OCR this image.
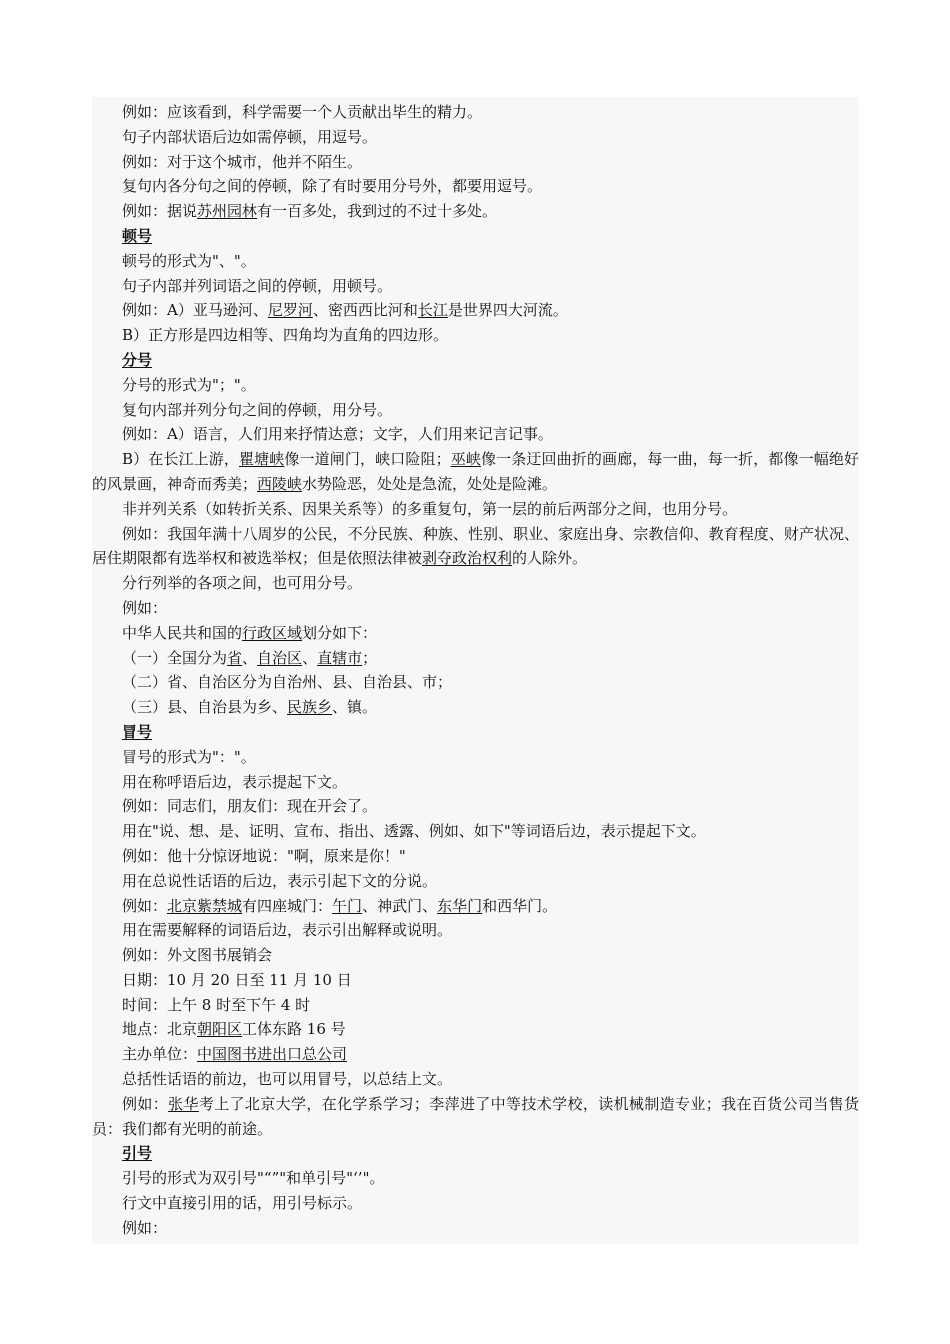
例如：应该看到，科学需要一个人贡献出毕生的精力。

句子内部状语后边如需停顿，用逗号。

例如：对于这个城市，他并不陌生。

复句内各分句之间的停顿，除了有时要用分号外，都要用逗号。

例如：据说苏州园林有一百多处，我到过的不过十多处。

顿号

顿号的形式为"、"。

句子内部并列词语之间的停顿，用顿号。

例如：A）亚马逊河、尼罗河、密西西比河和长江是世界四大河流。

B）正方形是四边相等、四角均为直角的四边形。

分号

分号的形式为"；"。

复句内部并列分句之间的停顿，用分号。

例如：A）语言，人们用来抒情达意；文字，人们用来记言记事。

B）在长江上游，瞿塘峡像一道闸门，峡口险阻；巫峡像一条迂回曲折的画廊，每一曲，每一折，都像一幅绝好的风景画，神奇而秀美；西陵峡水势险恶，处处是急流，处处是险滩。

非并列关系（如转折关系、因果关系等）的多重复句，第一层的前后两部分之间，也用分号。

例如：我国年满十八周岁的公民，不分民族、种族、性别、职业、家庭出身、宗教信仰、教育程度、财产状况、居住期限都有选举权和被选举权；但是依照法律被剥夺政治权利的人除外。

分行列举的各项之间，也可用分号。

例如：

中华人民共和国的行政区域划分如下：

（一）全国分为省、自治区、直辖市；

（二）省、自治区分为自治州、县、自治县、市；

（三）县、自治县为乡、民族乡、镇。

冒号

冒号的形式为"："。

用在称呼语后边，表示提起下文。

例如：同志们，朋友们：现在开会了。

用在"说、想、是、证明、宣布、指出、透露、例如、如下"等词语后边，表示提起下文。

例如：他十分惊讶地说："啊，原来是你！"

用在总说性话语的后边，表示引起下文的分说。

例如：北京紫禁城有四座城门：午门、神武门、东华门和西华门。

用在需要解释的词语后边，表示引出解释或说明。

例如：外文图书展销会

日期：10 月 20 日至 11 月 10 日

时间：上午 8 时至下午 4 时

地点：北京朝阳区工体东路 16 号

主办单位：中国图书进出口总公司

总括性话语的前边，也可以用冒号，以总结上文。

例如：张华考上了北京大学，在化学系学习；李萍进了中等技术学校，读机械制造专业；我在百货公司当售货员：我们都有光明的前途。

引号

引号的形式为双引号"“”"和单引号"‘’"。

行文中直接引用的话，用引号标示。

例如：
